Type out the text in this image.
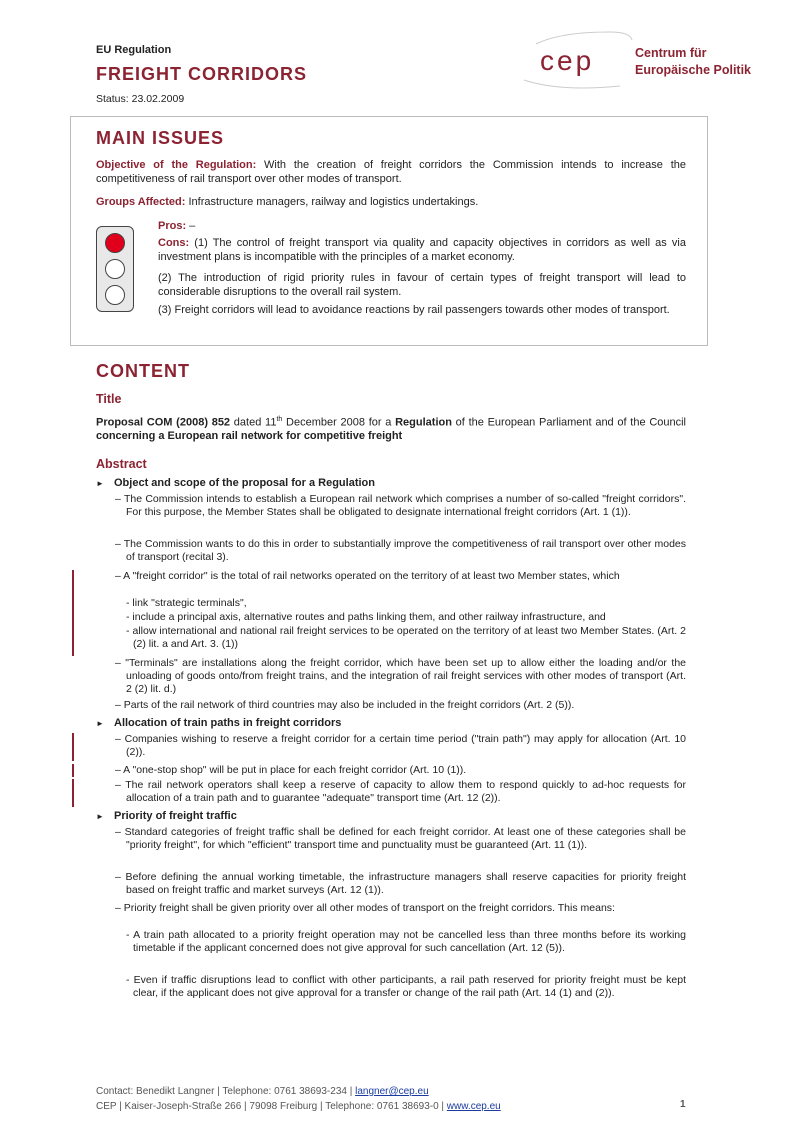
EU Regulation
FREIGHT CORRIDORS
Status: 23.02.2009
cep	Centrum für
Europäische Politik
MAIN ISSUES
Objective of the Regulation: With the creation of freight corridors the Commission intends to increase the competitiveness of rail transport over other modes of transport.
Groups Affected: Infrastructure managers, railway and logistics undertakings.
Pros: –
Cons: (1) The control of freight transport via quality and capacity objectives in corridors as well as via investment plans is incompatible with the principles of a market economy.
(2) The introduction of rigid priority rules in favour of certain types of freight transport will lead to considerable disruptions to the overall rail system.
(3) Freight corridors will lead to avoidance reactions by rail passengers towards other modes of transport.
CONTENT
Title
Proposal COM (2008) 852 dated 11th December 2008 for a Regulation of the European Parliament and of the Council concerning a European rail network for competitive freight
Abstract
► Object and scope of the proposal for a Regulation
– The Commission intends to establish a European rail network which comprises a number of so-called "freight corridors". For this purpose, the Member States shall be obligated to designate international freight corridors (Art. 1 (1)).
– The Commission wants to do this in order to substantially improve the competitiveness of rail transport over other modes of transport (recital 3).
– A "freight corridor" is the total of rail networks operated on the territory of at least two Member states, which
- link "strategic terminals",
- include a principal axis, alternative routes and paths linking them, and other railway infrastructure, and
- allow international and national rail freight services to be operated on the territory of at least two Member States. (Art. 2 (2) lit. a and Art. 3. (1))
– "Terminals" are installations along the freight corridor, which have been set up to allow either the loading and/or the unloading of goods onto/from freight trains, and the integration of rail freight services with other modes of transport (Art. 2 (2) lit. d.)
– Parts of the rail network of third countries may also be included in the freight corridors (Art. 2 (5)).
► Allocation of train paths in freight corridors
– Companies wishing to reserve a freight corridor for a certain time period ("train path") may apply for allocation (Art. 10 (2)).
– A "one-stop shop" will be put in place for each freight corridor (Art. 10 (1)).
– The rail network operators shall keep a reserve of capacity to allow them to respond quickly to ad-hoc requests for allocation of a train path and to guarantee "adequate" transport time (Art. 12 (2)).
► Priority of freight traffic
– Standard categories of freight traffic shall be defined for each freight corridor. At least one of these categories shall be "priority freight", for which "efficient" transport time and punctuality must be guaranteed (Art. 11 (1)).
– Before defining the annual working timetable, the infrastructure managers shall reserve capacities for priority freight based on freight traffic and market surveys (Art. 12 (1)).
– Priority freight shall be given priority over all other modes of transport on the freight corridors. This means:
- A train path allocated to a priority freight operation may not be cancelled less than three months before its working timetable if the applicant concerned does not give approval for such cancellation (Art. 12 (5)).
- Even if traffic disruptions lead to conflict with other participants, a rail path reserved for priority freight must be kept clear, if the applicant does not give approval for a transfer or change of the rail path (Art. 14 (1) and (2)).
Contact: Benedikt Langner | Telephone: 0761 38693-234 | langner@cep.eu
CEP | Kaiser-Joseph-Straße 266 | 79098 Freiburg | Telephone: 0761 38693-0 | www.cep.eu	1
